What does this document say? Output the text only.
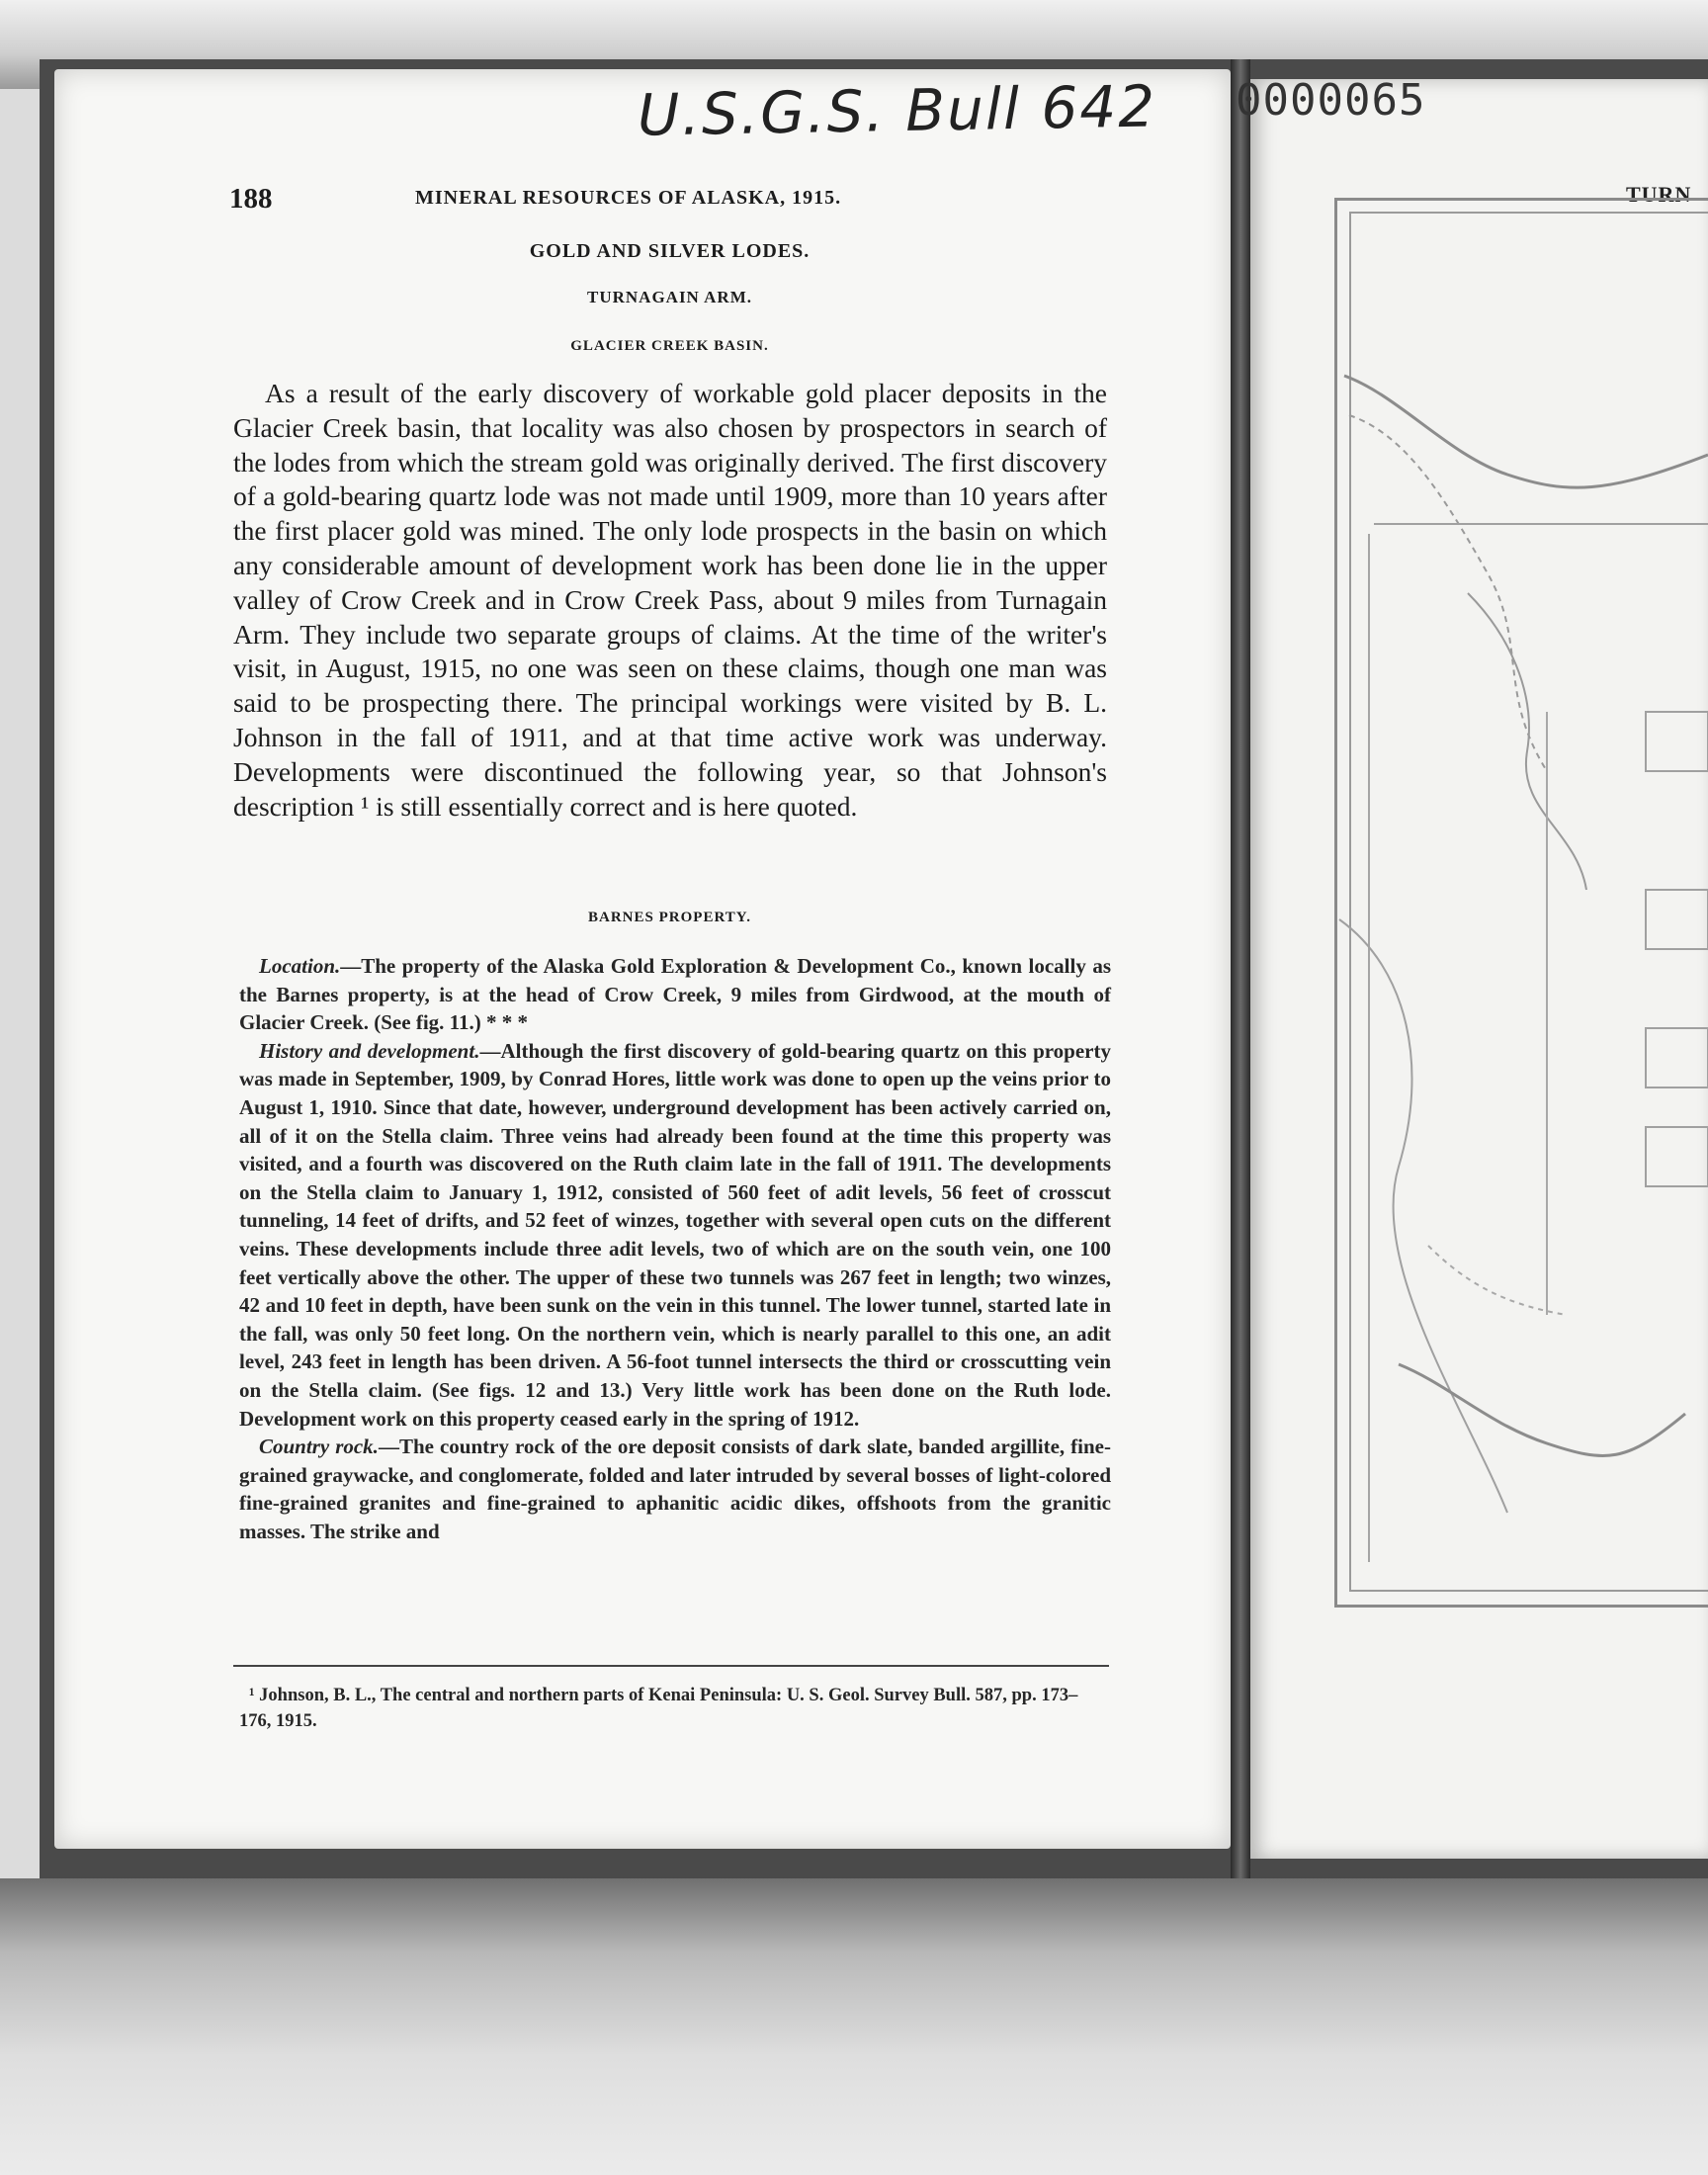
U.S.G.S. Bull 642 0000065
TURN
188	MINERAL RESOURCES OF ALASKA, 1915.
GOLD AND SILVER LODES.
TURNAGAIN ARM.
GLACIER CREEK BASIN.

As a result of the early discovery of workable gold placer deposits in the Glacier Creek basin, that locality was also chosen by prospectors in search of the lodes from which the stream gold was originally derived. The first discovery of a gold-bearing quartz lode was not made until 1909, more than 10 years after the first placer gold was mined. The only lode prospects in the basin on which any considerable amount of development work has been done lie in the upper valley of Crow Creek and in Crow Creek Pass, about 9 miles from Turnagain Arm. They include two separate groups of claims. At the time of the writer's visit, in August, 1915, no one was seen on these claims, though one man was said to be prospecting there. The principal workings were visited by B. L. Johnson in the fall of 1911, and at that time active work was underway. Developments were discontinued the following year, so that Johnson's description ¹ is still essentially correct and is here quoted.

BARNES PROPERTY.

Location.—The property of the Alaska Gold Exploration & Development Co., known locally as the Barnes property, is at the head of Crow Creek, 9 miles from Girdwood, at the mouth of Glacier Creek. (See fig. 11.) * * *

History and development.—Although the first discovery of gold-bearing quartz on this property was made in September, 1909, by Conrad Hores, little work was done to open up the veins prior to August 1, 1910. Since that date, however, underground development has been actively carried on, all of it on the Stella claim. Three veins had already been found at the time this property was visited, and a fourth was discovered on the Ruth claim late in the fall of 1911. The developments on the Stella claim to January 1, 1912, consisted of 560 feet of adit levels, 56 feet of crosscut tunneling, 14 feet of drifts, and 52 feet of winzes, together with several open cuts on the different veins. These developments include three adit levels, two of which are on the south vein, one 100 feet vertically above the other. The upper of these two tunnels was 267 feet in length; two winzes, 42 and 10 feet in depth, have been sunk on the vein in this tunnel. The lower tunnel, started late in the fall, was only 50 feet long. On the northern vein, which is nearly parallel to this one, an adit level, 243 feet in length has been driven. A 56-foot tunnel intersects the third or crosscutting vein on the Stella claim. (See figs. 12 and 13.) Very little work has been done on the Ruth lode. Development work on this property ceased early in the spring of 1912.

Country rock.—The country rock of the ore deposit consists of dark slate, banded argillite, fine-grained graywacke, and conglomerate, folded and later intruded by several bosses of light-colored fine-grained granites and fine-grained to aphanitic acidic dikes, offshoots from the granitic masses. The strike and

¹ Johnson, B. L., The central and northern parts of Kenai Peninsula: U. S. Geol. Survey Bull. 587, pp. 173–176, 1915.
